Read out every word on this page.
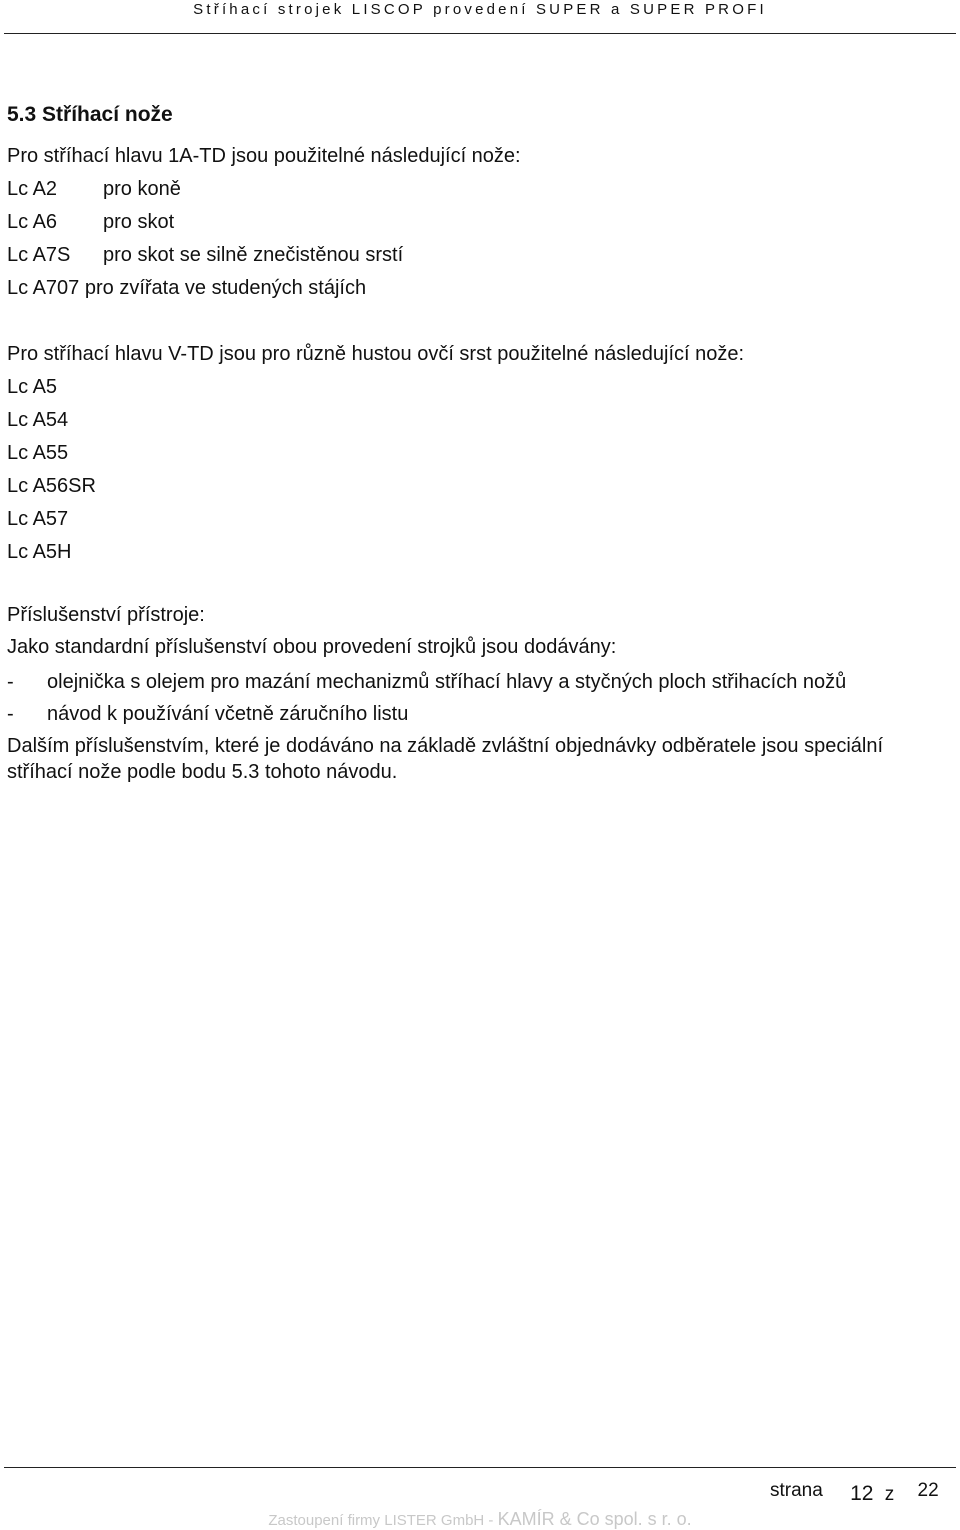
Stříhací strojek LISCOP provedení SUPER a SUPER PROFI
5.3 Stříhací nože
Pro stříhací hlavu 1A-TD jsou použitelné následující nože:
Lc A2	pro koně
Lc A6	pro skot
Lc A7S	pro skot se silně znečistěnou srstí
Lc A707 pro zvířata ve studených stájích
Pro stříhací hlavu V-TD jsou pro různě hustou ovčí srst použitelné následující nože:
Lc A5
Lc A54
Lc A55
Lc A56SR
Lc A57
Lc A5H
Příslušenství přístroje:
Jako standardní příslušenství obou provedení strojků jsou dodávány:
-	olejnička s olejem pro mazání mechanizmů stříhací hlavy a styčných ploch střihacích nožů
-	návod k používání včetně záručního listu
Dalším příslušenstvím, které je dodáváno na základě zvláštní objednávky odběratele jsou speciální stříhací nože podle bodu 5.3 tohoto návodu.
strana 12 z 22
Zastoupení firmy LISTER GmbH - KAMÍR & Co spol. s r. o.
